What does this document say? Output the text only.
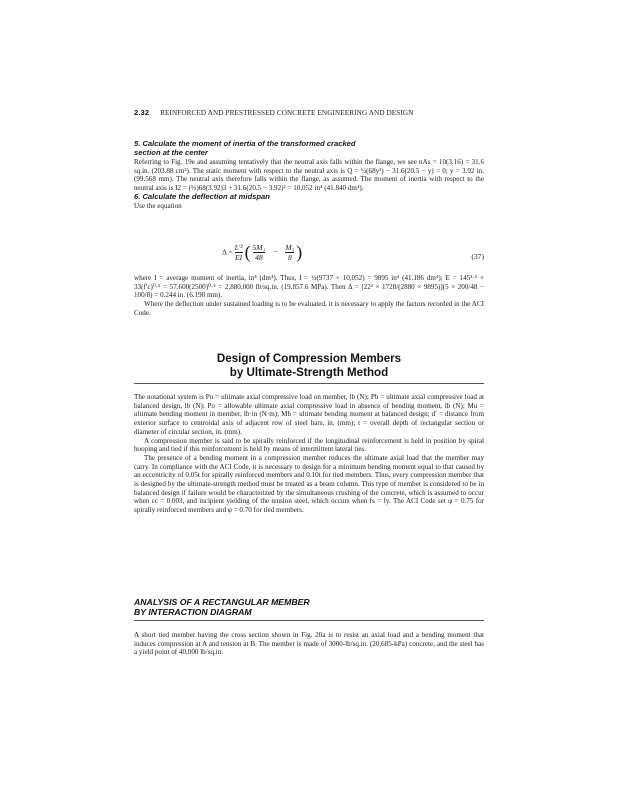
2.32 REINFORCED AND PRESTRESSED CONCRETE ENGINEERING AND DESIGN
5. Calculate the moment of inertia of the transformed cracked
section at the center

Referring to Fig. 19e and assuming tentatively that the neutral axis falls within the flange, we see nAs = 10(3.16) = 31.6 sq.in. (203.88 cm²). The static moment with respect to the neutral axis is Q = ½(68y²) − 31.6(20.5 − y) = 0; y = 3.92 in. (99.568 mm). The neutral axis therefore falls within the flange, as assumed. The moment of inertia with respect to the neutral axis is I2 = (⅓)68(3.92)3 + 31.6(20.5 − 3.92)² = 10,052 in⁴ (41.840 dm⁴).

6. Calculate the deflection at midspan

Use the equation

$\Delta = \frac{\text{L'²}}{EI}$ ( $\frac{\text{5M₁}}{48} - \frac{\text{M₃}}{8}$ )	(37)

where I = average moment of inertia, in⁴ (dm⁴). Thus, I = ½(9737 + 10,052) = 9895 in⁴ (41.186 dm⁴); E = 145¹·⁵ × 33(f′c)⁰·⁵ = 57,600(2500)⁰·⁵ = 2,880,000 lb/sq.in. (19,857.6 MPa). Then Δ = [22² × 1728/(2880 × 9895)](5 × 200/48 − 100/8) = 0.244 in. (6.198 mm).

Where the deflection under sustained loading is to be evaluated, it is necessary to apply the factors recorded in the ACI Code.

Design of Compression Members
by Ultimate-Strength Method

The notational system is Pu = ultimate axial compressive load on member, lb (N); Pb = ultimate axial compressive load at balanced design, lb (N); Po = allowable ultimate axial compressive load in absence of bending moment, lb (N); Mu = ultimate bending moment in member, lb·in (N·m); Mb = ultimate bending moment at balanced design; d′ = distance from exterior surface to centroidal axis of adjacent row of steel bars, in. (mm); t = overall depth of rectangular section or diameter of circular section, in. (mm).

A compression member is said to be spirally reinforced if the longitudinal reinforcement is held in position by spiral hooping and tied if this reinforcement is held by means of intermittent lateral ties.

The presence of a bending moment in a compression member reduces the ultimate axial load that the member may carry. In compliance with the ACI Code, it is necessary to design for a minimum bending moment equal to that caused by an eccentricity of 0.05t for spirally reinforced members and 0.10t for tied members. Thus, every compression member that is designed by the ultimate-strength method must be treated as a beam column. This type of member is considered to be in balanced design if failure would be characterized by the simultaneous crushing of the concrete, which is assumed to occur when εc = 0.003, and incipient yielding of the tension steel, which occurs when fs = fy. The ACI Code set φ = 0.75 for spirally reinforced members and φ = 0.70 for tied members.

ANALYSIS OF A RECTANGULAR MEMBER
BY INTERACTION DIAGRAM

A short tied member having the cross section shown in Fig. 20a is to resist an axial load and a bending moment that induces compression at A and tension at B. The member is made of 3000-lb/sq.in. (20,685-kPa) concrete, and the steel has a yield point of 40,000 lb/sq.in.
